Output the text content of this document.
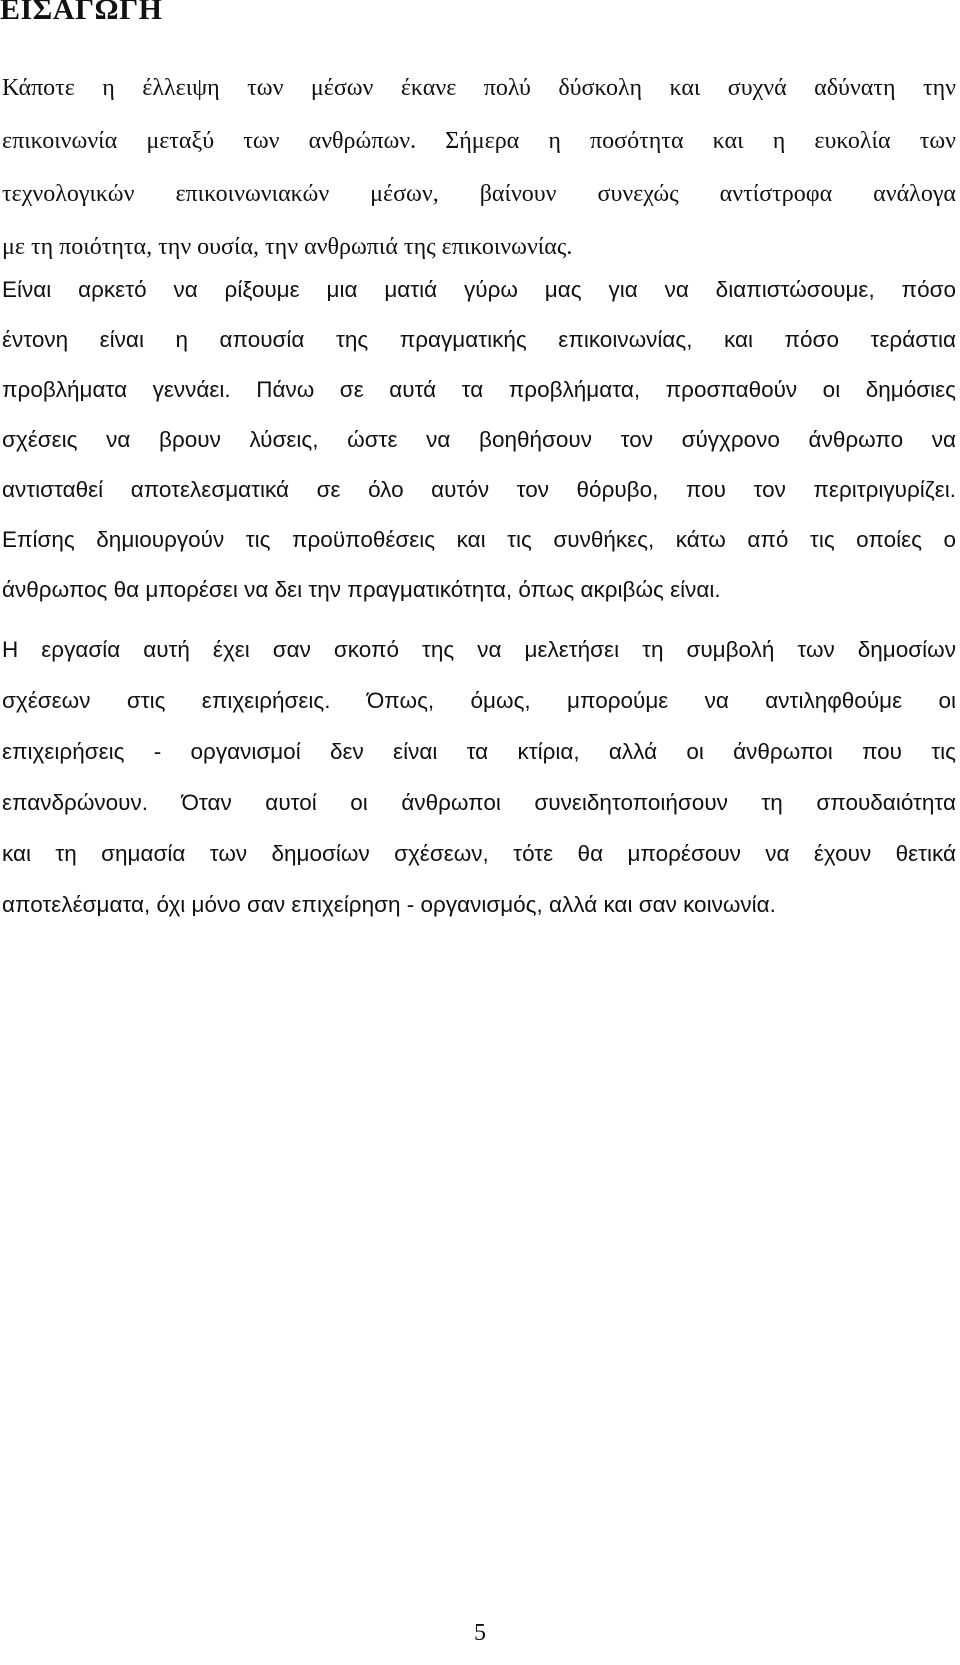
ΕΙΣΑΓΩΓΗ
Κάποτε η έλλειψη των μέσων έκανε πολύ δύσκολη και συχνά αδύνατη την
επικοινωνία μεταξύ των ανθρώπων. Σήμερα η ποσότητα και η ευκολία των
τεχνολογικών επικοινωνιακών μέσων, βαίνουν συνεχώς αντίστροφα ανάλογα
με τη ποιότητα, την ουσία, την ανθρωπιά της επικοινωνίας.
Είναι αρκετό να ρίξουμε μια ματιά γύρω μας για να διαπιστώσουμε, πόσο
έντονη είναι η απουσία της πραγματικής επικοινωνίας, και πόσο τεράστια
προβλήματα γεννάει. Πάνω σε αυτά τα προβλήματα, προσπαθούν οι δημόσιες
σχέσεις να βρουν λύσεις, ώστε να βοηθήσουν τον σύγχρονο άνθρωπο να
αντισταθεί αποτελεσματικά σε όλο αυτόν τον θόρυβο, που τον περιτριγυρίζει.
Επίσης δημιουργούν τις προϋποθέσεις και τις συνθήκες, κάτω από τις οποίες ο
άνθρωπος θα μπορέσει να δει την πραγματικότητα, όπως ακριβώς είναι.
Η εργασία αυτή έχει σαν σκοπό της να μελετήσει τη συμβολή των δημοσίων
σχέσεων στις επιχειρήσεις. Όπως, όμως, μπορούμε να αντιληφθούμε οι
επιχειρήσεις - οργανισμοί δεν είναι τα κτίρια, αλλά οι άνθρωποι που τις
επανδρώνουν. Όταν αυτοί οι άνθρωποι συνειδητοποιήσουν τη σπουδαιότητα
και τη σημασία των δημοσίων σχέσεων, τότε θα μπορέσουν να έχουν θετικά
αποτελέσματα, όχι μόνο σαν επιχείρηση - οργανισμός, αλλά και σαν κοινωνία.
5
